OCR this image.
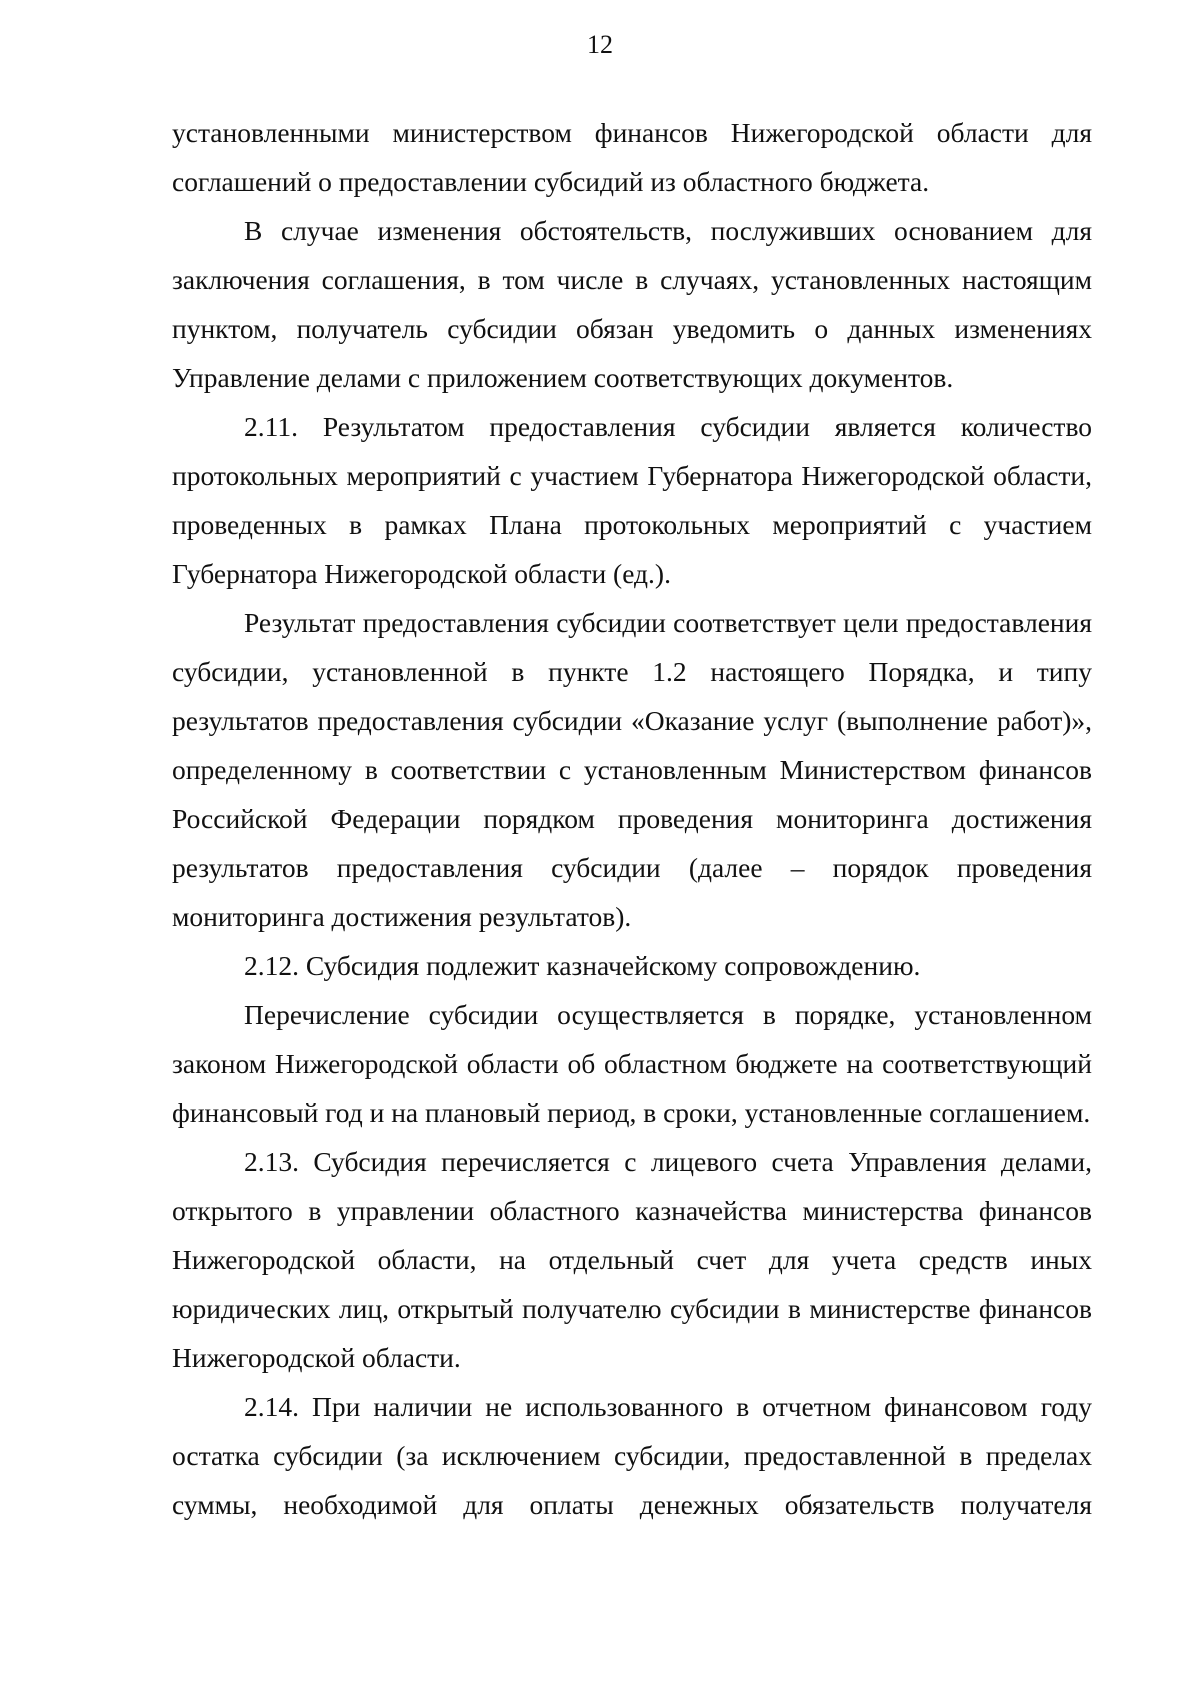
12

установленными министерством финансов Нижегородской области для соглашений о предоставлении субсидий из областного бюджета.

В случае изменения обстоятельств, послуживших основанием для заключения соглашения, в том числе в случаях, установленных настоящим пунктом, получатель субсидии обязан уведомить о данных изменениях Управление делами с приложением соответствующих документов.

2.11. Результатом предоставления субсидии является количество протокольных мероприятий с участием Губернатора Нижегородской области, проведенных в рамках Плана протокольных мероприятий с участием Губернатора Нижегородской области (ед.).

Результат предоставления субсидии соответствует цели предоставления субсидии, установленной в пункте 1.2 настоящего Порядка, и типу результатов предоставления субсидии «Оказание услуг (выполнение работ)», определенному в соответствии с установленным Министерством финансов Российской Федерации порядком проведения мониторинга достижения результатов предоставления субсидии (далее – порядок проведения мониторинга достижения результатов).

2.12. Субсидия подлежит казначейскому сопровождению.

Перечисление субсидии осуществляется в порядке, установленном законом Нижегородской области об областном бюджете на соответствующий финансовый год и на плановый период, в сроки, установленные соглашением.

2.13. Субсидия перечисляется с лицевого счета Управления делами, открытого в управлении областного казначейства министерства финансов Нижегородской области, на отдельный счет для учета средств иных юридических лиц, открытый получателю субсидии в министерстве финансов Нижегородской области.

2.14. При наличии не использованного в отчетном финансовом году остатка субсидии (за исключением субсидии, предоставленной в пределах суммы, необходимой для оплаты денежных обязательств получателя
